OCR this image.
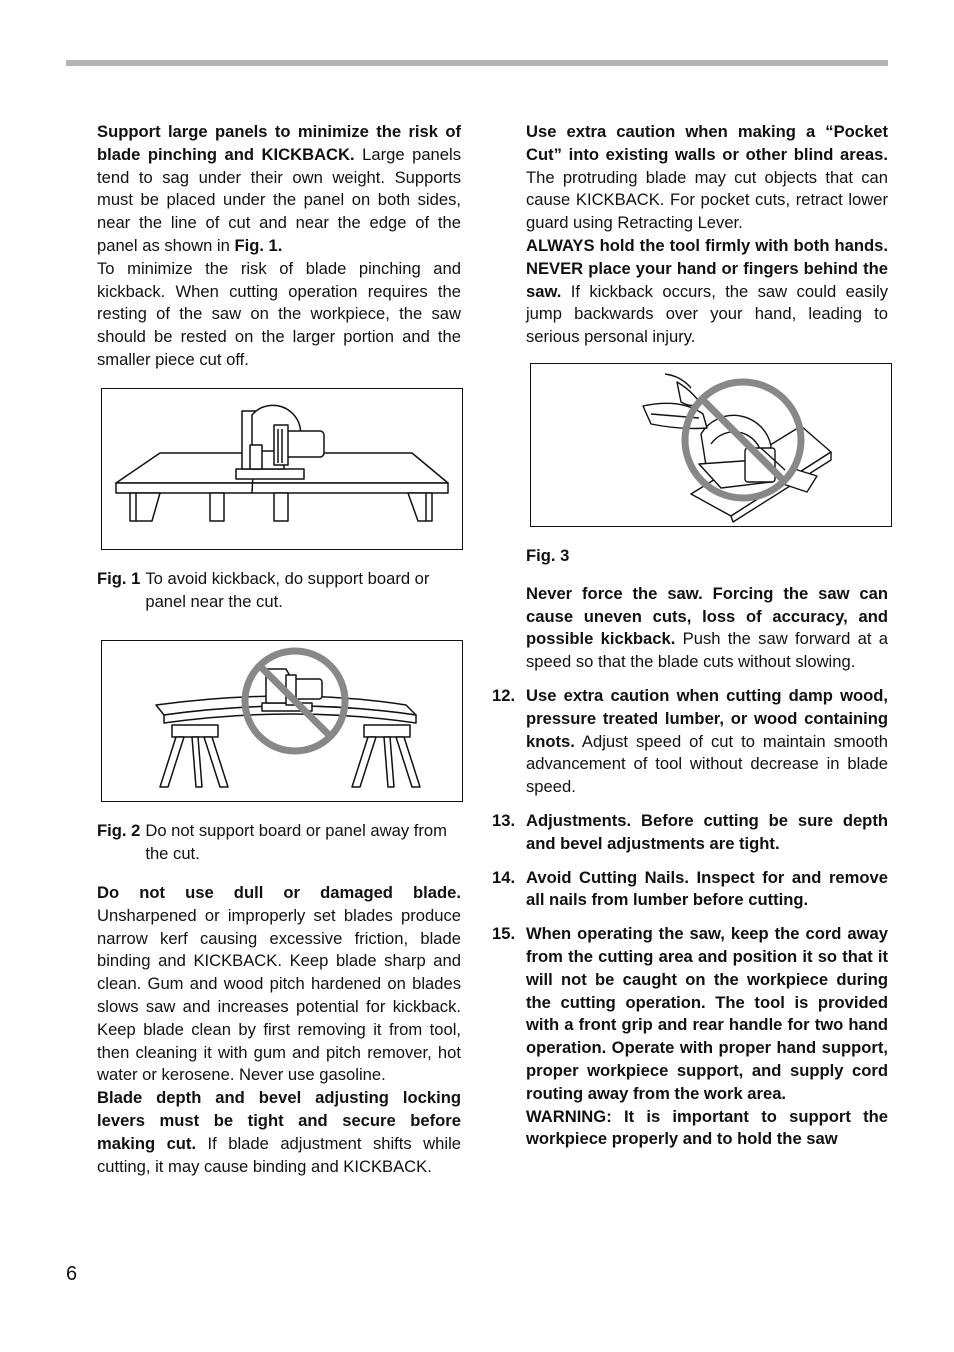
Support large panels to minimize the risk of blade pinching and KICKBACK. Large panels tend to sag under their own weight. Supports must be placed under the panel on both sides, near the line of cut and near the edge of the panel as shown in Fig. 1.

To minimize the risk of blade pinching and kickback. When cutting operation requires the resting of the saw on the workpiece, the saw should be rested on the larger portion and the smaller piece cut off.

Fig. 1 To avoid kickback, do support board or panel near the cut.
Fig. 2 Do not support board or panel away from the cut.

Do not use dull or damaged blade. Unsharpened or improperly set blades produce narrow kerf causing excessive friction, blade binding and KICKBACK. Keep blade sharp and clean. Gum and wood pitch hardened on blades slows saw and increases potential for kickback. Keep blade clean by first removing it from tool, then cleaning it with gum and pitch remover, hot water or kerosene. Never use gasoline.

Blade depth and bevel adjusting locking levers must be tight and secure before making cut. If blade adjustment shifts while cutting, it may cause binding and KICKBACK.

Use extra caution when making a “Pocket Cut” into existing walls or other blind areas. The protruding blade may cut objects that can cause KICKBACK. For pocket cuts, retract lower guard using Retracting Lever.

ALWAYS hold the tool firmly with both hands. NEVER place your hand or fingers behind the saw. If kickback occurs, the saw could easily jump backwards over your hand, leading to serious personal injury.

Fig. 3

Never force the saw. Forcing the saw can cause uneven cuts, loss of accuracy, and possible kickback. Push the saw forward at a speed so that the blade cuts without slowing.

12. Use extra caution when cutting damp wood, pressure treated lumber, or wood containing knots. Adjust speed of cut to maintain smooth advancement of tool without decrease in blade speed.

13. Adjustments. Before cutting be sure depth and bevel adjustments are tight.

14. Avoid Cutting Nails. Inspect for and remove all nails from lumber before cutting.

15. When operating the saw, keep the cord away from the cutting area and position it so that it will not be caught on the workpiece during the cutting operation. The tool is provided with a front grip and rear handle for two hand operation. Operate with proper hand support, proper workpiece support, and supply cord routing away from the work area.

WARNING: It is important to support the workpiece properly and to hold the saw

6
